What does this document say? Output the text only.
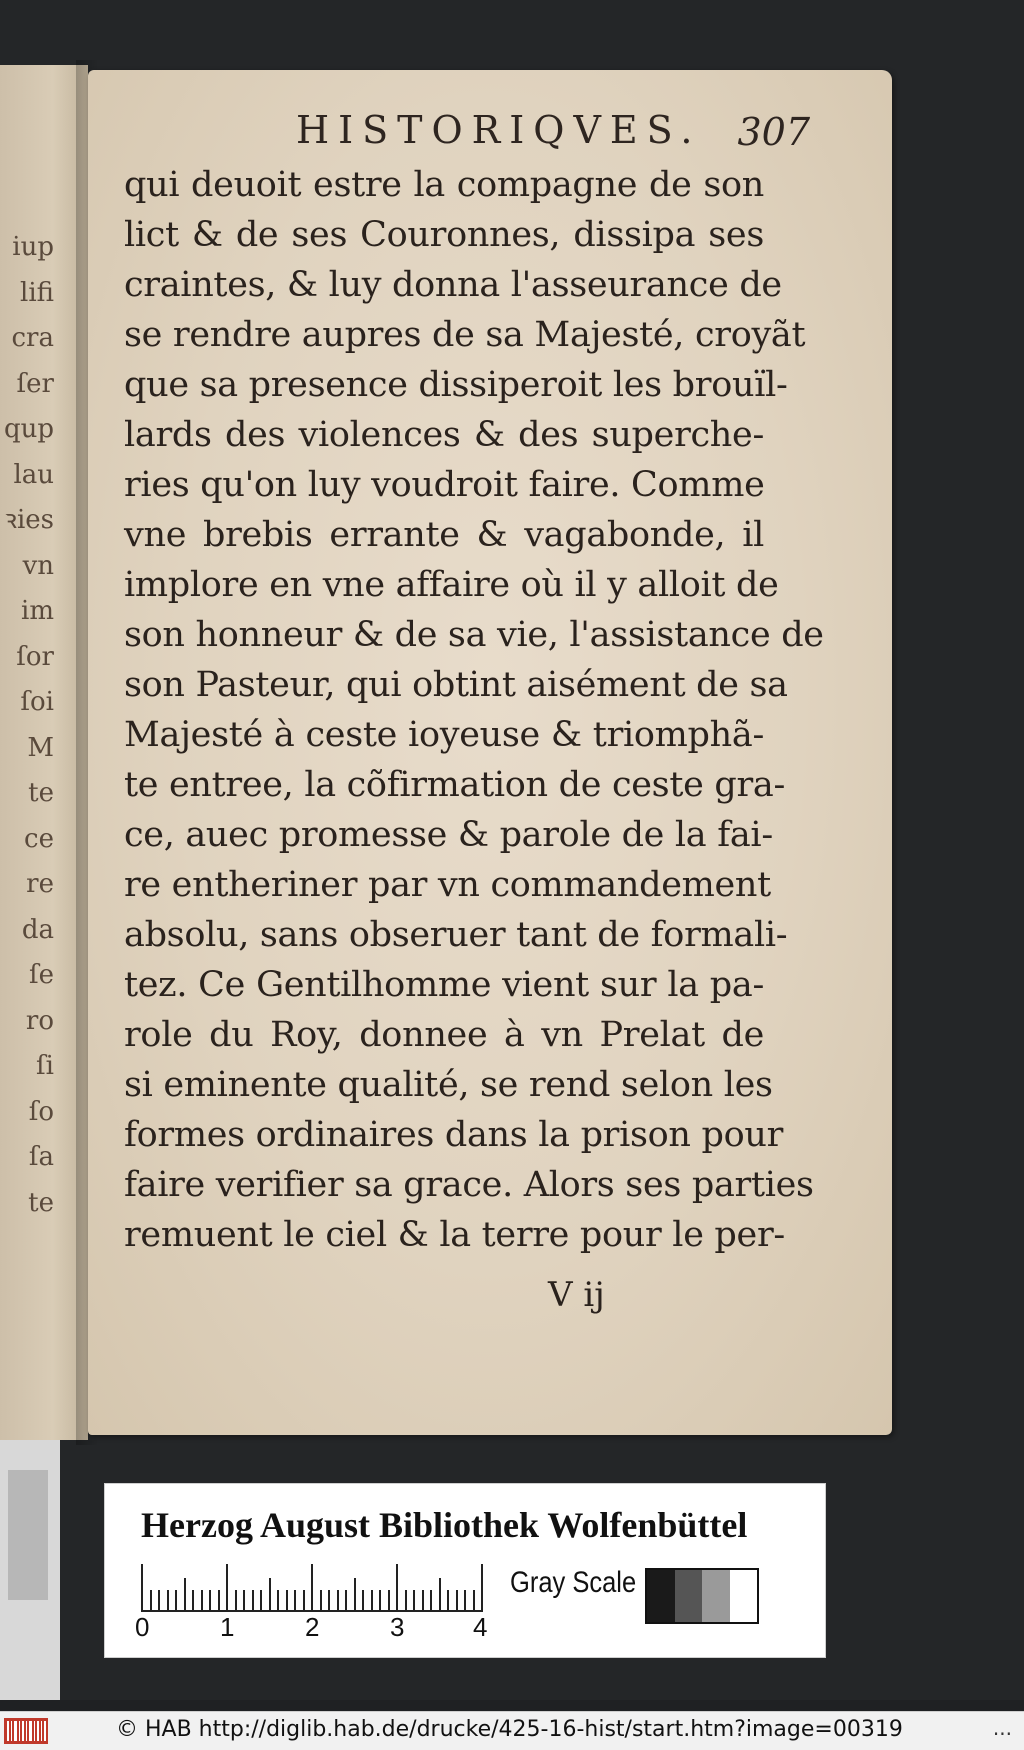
iup
lifi
cra
ſer
qup
lau
ꝛies
vn
im
ſor
ſoi
M
te
ce
re
da
ſe
ro
ſi
ſo
ſa
te
HISTORIQVES. 307
qui deuoit estre la compagne de son
lict & de ses Couronnes, dissipa ses
craintes, & luy donna l'asseurance de
se rendre aupres de sa Majesté, croyãt
que sa presence dissiperoit les brouïl-
lards des violences & des superche-
ries qu'on luy voudroit faire. Comme
vne brebis errante & vagabonde, il
implore en vne affaire où il y alloit de
son honneur & de sa vie, l'assistance de
son Pasteur, qui obtint aisément de sa
Majesté à ceste ioyeuse & triomphã-
te entree, la cõfirmation de ceste gra-
ce, auec promesse & parole de la fai-
re entheriner par vn commandement
absolu, sans obseruer tant de formali-
tez. Ce Gentilhomme vient sur la pa-
role du Roy, donnee à vn Prelat de
si eminente qualité, se rend selon les
formes ordinaires dans la prison pour
faire verifier sa grace. Alors ses parties
remuent le ciel & la terre pour le per-
V ij
Herzog August Bibliothek Wolfenbüttel
0	1	2	3	4
Gray Scale
© HAB http://diglib.hab.de/drucke/425-16-hist/start.htm?image=00319	...
